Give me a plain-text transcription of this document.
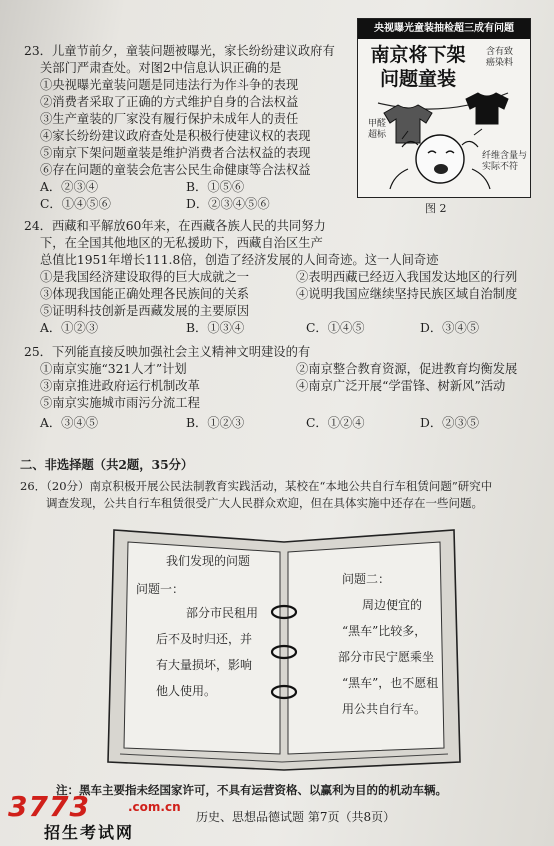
23．儿童节前夕，童装问题被曝光，家长纷纷建议政府有
关部门严肃查处。对图2中信息认识正确的是
①央视曝光童装问题是同违法行为作斗争的表现
②消费者采取了正确的方式维护自身的合法权益
③生产童装的厂家没有履行保护未成年人的责任
④家长纷纷建议政府查处是积极行使建议权的表现
⑤南京下架问题童装是维护消费者合法权益的表现
⑥存在问题的童装会危害公民生命健康等合法权益
A．②③④	B．①⑤⑥
C．①④⑤⑥	D．②③④⑤⑥
央视曝光童装抽检超三成有问题
南京将下架
问题童装
含有致
癌染料
甲醛
超标
纤维含量与
实际不符
图 2
24．西藏和平解放60年来，在西藏各族人民的共同努力
下，在全国其他地区的无私援助下，西藏自治区生产
总值比1951年增长111.8倍，创造了经济发展的人间奇迹。这一人间奇迹
①是我国经济建设取得的巨大成就之一	②表明西藏已经迈入我国发达地区的行列
③体现我国能正确处理各民族间的关系	④说明我国应继续坚持民族区域自治制度
⑤证明科技创新是西藏发展的主要原因
A．①②③	B．①③④	C．①④⑤	D．③④⑤
25．下列能直接反映加强社会主义精神文明建设的有
①南京实施“321人才”计划	②南京整合教育资源，促进教育均衡发展
③南京推进政府运行机制改革	④南京广泛开展“学雷锋、树新风”活动
⑤南京实施城市雨污分流工程
A．③④⑤	B．①②③	C．①②④	D．②③⑤
二、非选择题（共2题，35分）
26．（20分）南京积极开展公民法制教育实践活动，某校在“本地公共自行车租赁问题”研究中
调查发现，公共自行车租赁很受广大人民群众欢迎，但在具体实施中还存在一些问题。
我们发现的问题
问题一：
部分市民租用
后不及时归还，并
有大量损坏，影响
他人使用。
问题二：
周边便宜的
“黑车”比较多，
部分市民宁愿乘坐
“黑车”，也不愿租
用公共自行车。
注：黑车主要指未经国家许可，不具有运营资格、以赢利为目的的机动车辆。
历史、思想品德试题 第7页（共8页）
3773	.com.cn
招生考试网
